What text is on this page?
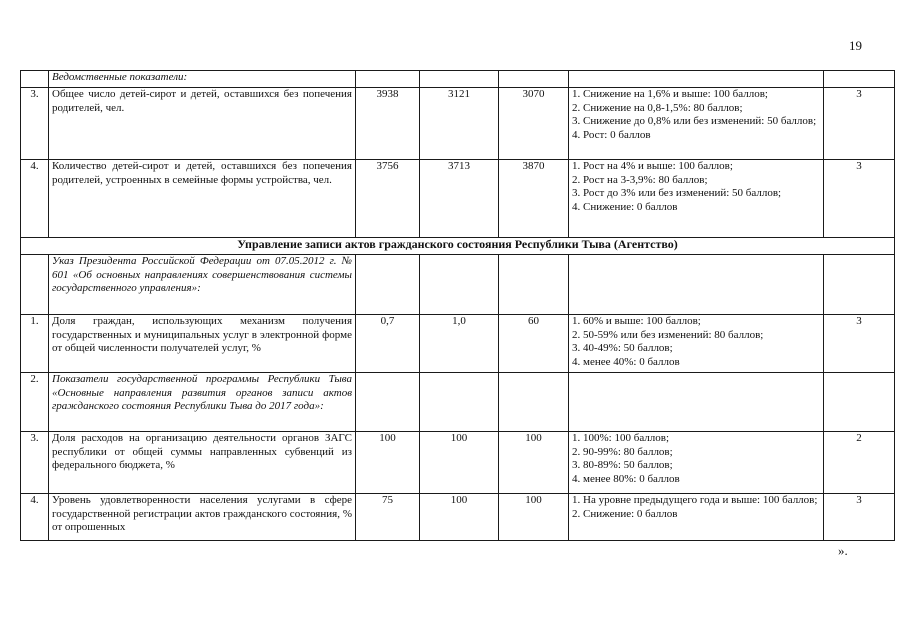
19
	Ведомственные показатели:					
3.	Общее число детей-сирот и детей, оставшихся без попечения родителей, чел.	3938	3121	3070	1. Снижение на 1,6% и выше: 100 баллов;
2. Снижение на 0,8-1,5%: 80 баллов;
3. Снижение до 0,8% или без изменений: 50 баллов;
4. Рост: 0 баллов	3
4.	Количество детей-сирот и детей, оставшихся без попечения родителей, устроенных в семейные формы устройства, чел.	3756	3713	3870	1. Рост на 4% и выше: 100 баллов;
2. Рост на 3-3,9%: 80 баллов;
3. Рост до 3% или без изменений: 50 баллов;
4. Снижение: 0 баллов	3
Управление записи актов гражданского состояния Республики Тыва (Агентство)						
	Указ Президента Российской Федерации от 07.05.2012 г. № 601 «Об основных направлениях совершенствования системы государственного управления»:					
1.	Доля граждан, использующих механизм получения государственных и муниципальных услуг в электронной форме от общей численности получателей услуг, %	0,7	1,0	60	1. 60% и выше: 100 баллов;
2. 50-59% или без изменений: 80 баллов;
3. 40-49%: 50 баллов;
4. менее 40%: 0 баллов	3
2.	Показатели государственной программы Республики Тыва «Основные направления развития органов записи актов гражданского состояния Республики Тыва до 2017 года»:					
3.	Доля расходов на организацию деятельности органов ЗАГС республики от общей суммы направленных субвенций из федерального бюджета, %	100	100	100	1. 100%: 100 баллов;
2. 90-99%: 80 баллов;
3. 80-89%: 50 баллов;
4. менее 80%: 0 баллов	2
4.	Уровень удовлетворенности населения услугами в сфере государственной регистрации актов гражданского состояния, % от опрошенных	75	100	100	1. На уровне предыдущего года и выше: 100 баллов;
2. Снижение: 0 баллов	3
».
